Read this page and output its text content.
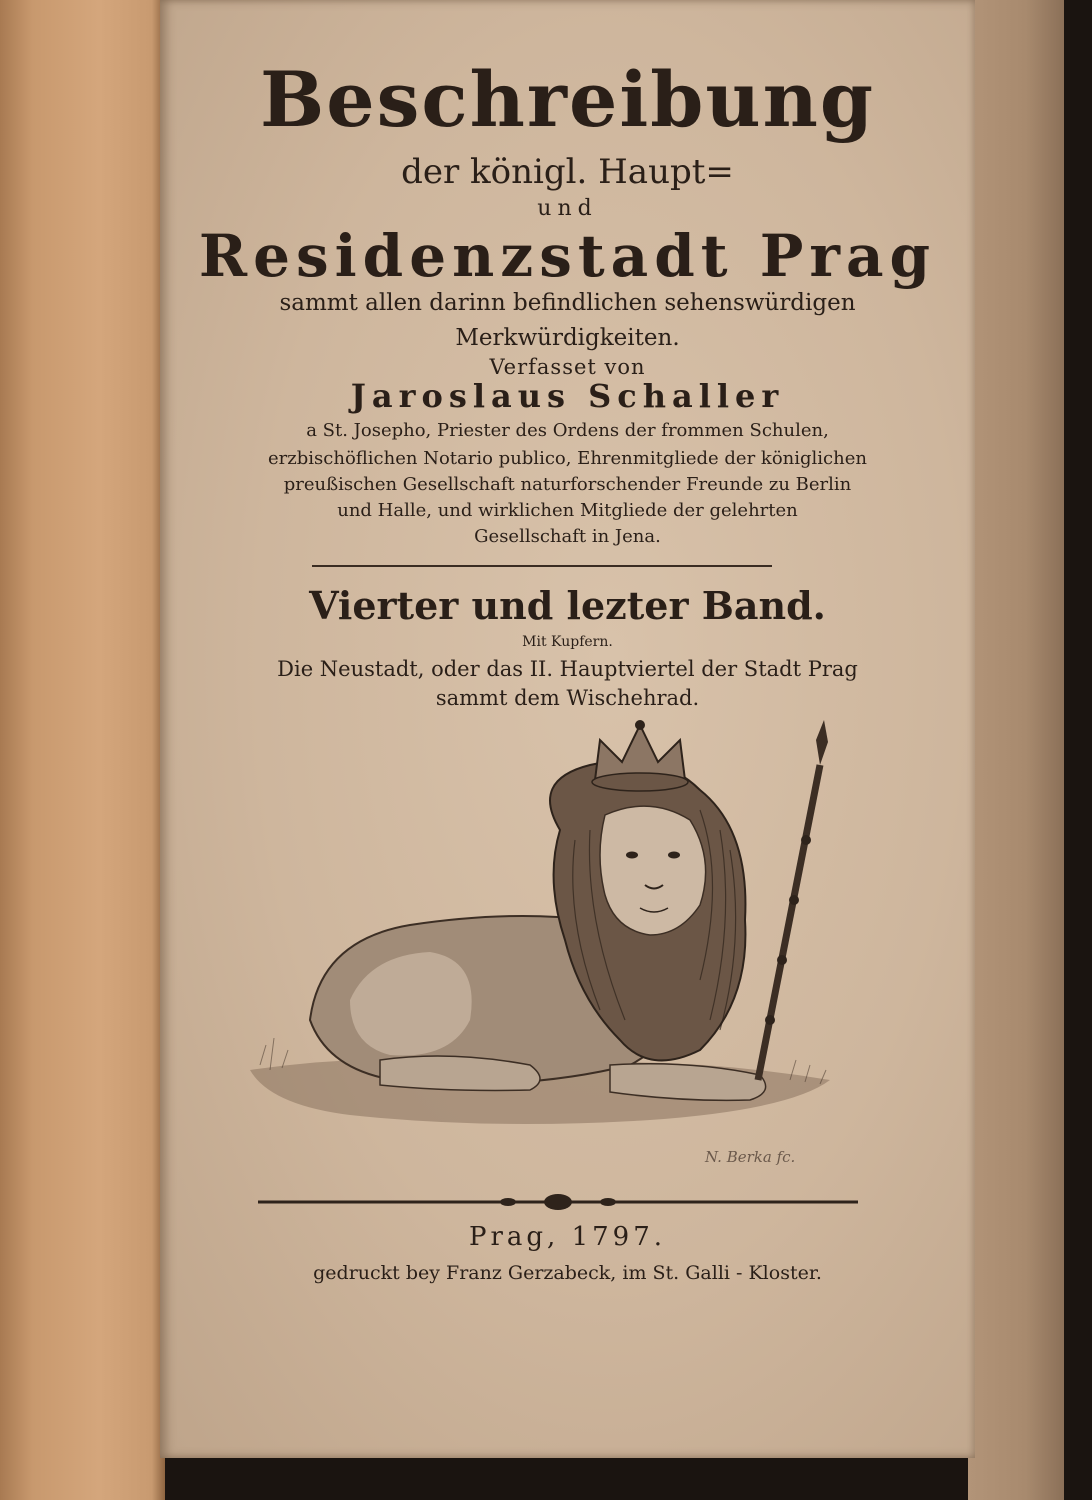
Beschreibung

der königl. Haupt=

und

Residenzstadt Prag

sammt allen darinn befindlichen sehenswürdigen

Merkwürdigkeiten.

Verfasset von

Jaroslaus Schaller

a St. Josepho, Priester des Ordens der frommen Schulen,

erzbischöflichen Notario publico, Ehrenmitgliede der königlichen

preußischen Gesellschaft naturforschender Freunde zu Berlin

und Halle, und wirklichen Mitgliede der gelehrten

Gesellschaft in Jena.

Vierter und lezter Band.

Mit Kupfern.

Die Neustadt, oder das II. Hauptviertel der Stadt Prag

sammt dem Wischehrad.

N. Berka fc.

Prag, 1797.

gedruckt bey Franz Gerzabeck, im St. Galli - Kloster.
